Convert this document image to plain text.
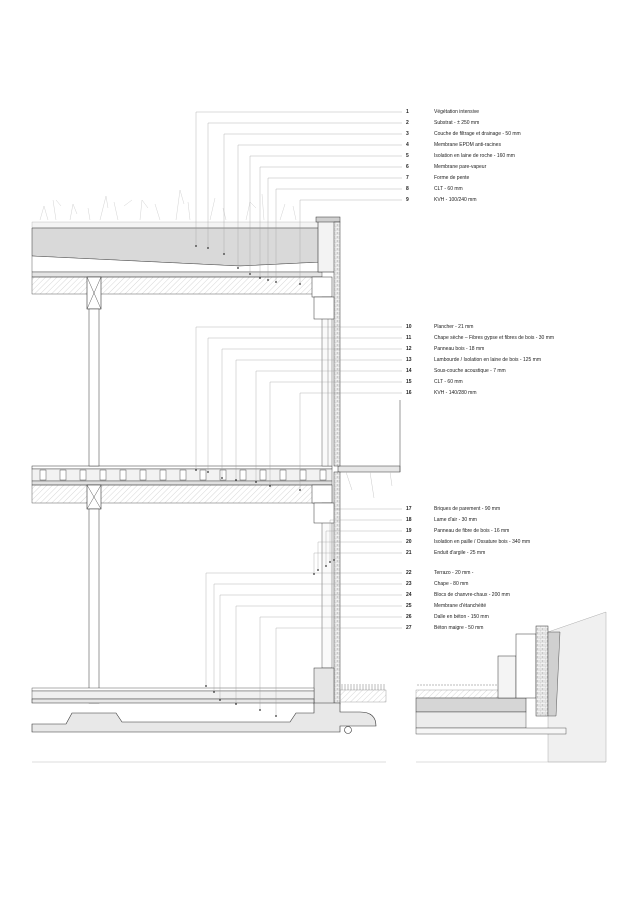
1	Végétation intensive
2	Substrat - ± 250 mm
3	Couche de filtrage et drainage - 50 mm
4	Membrane EPDM anti-racines
5	Isolation en laine de roche - 160 mm
6	Membrane pare-vapeur
7	Forme de pente
8	CLT - 60 mm
9	KVH - 100/240 mm
10	Plancher - 21 mm
11	Chape sèche – Fibres gypse et fibres de bois - 30 mm
12	Panneau bois - 18 mm
13	Lambourde / Isolation en laine de bois - 125 mm
14	Sous-couche acoustique - 7 mm
15	CLT - 60 mm
16	KVH - 140/280 mm
17	Briques de parement - 90 mm
18	Lame d'air - 30 mm
19	Panneau de fibre de bois - 16 mm
20	Isolation en paille / Ossature bois - 340 mm
21	Enduit d'argile - 25 mm
22	Terrazo - 20 mm -
23	Chape - 80 mm
24	Blocs de chanvre-chaux - 200 mm
25	Membrane d'étanchéité
26	Dalle en béton - 150 mm
27	Béton maigre - 50 mm
